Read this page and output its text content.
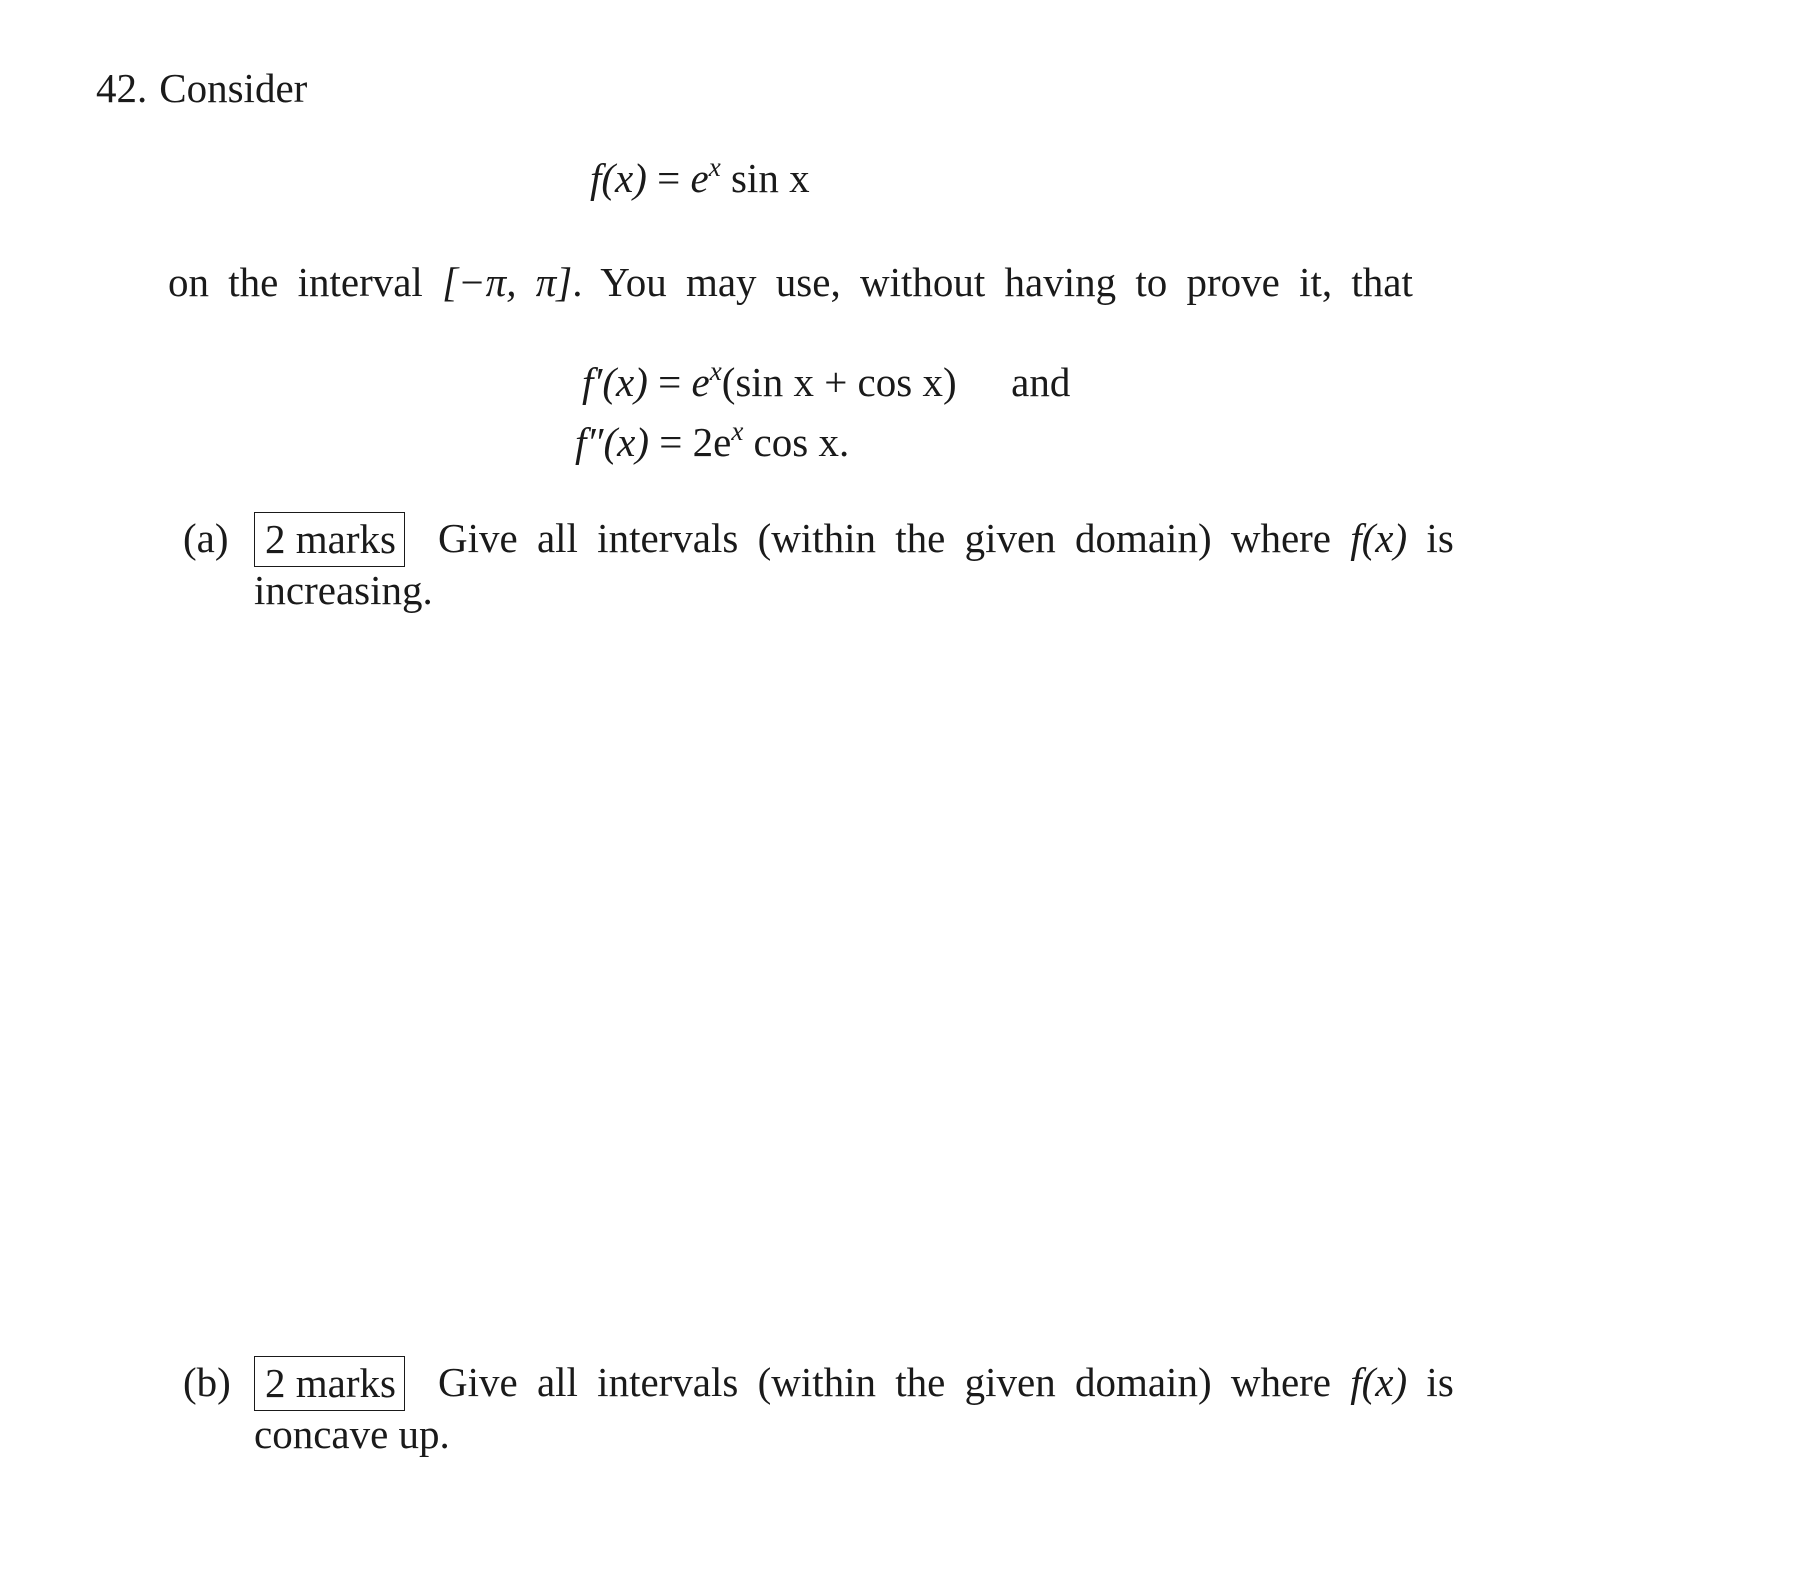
42. Consider
$f(x) = e^x$ sin x
on the interval [−π, π]. You may use, without having to prove it, that
$f'(x) = e^x(\sin$ x + cos x) and
$f''(x) = 2e^x$ cos x.
(a) 2 marks Give all intervals (within the given domain) where f(x) is
increasing.
(b) 2 marks Give all intervals (within the given domain) where f(x) is
concave up.
